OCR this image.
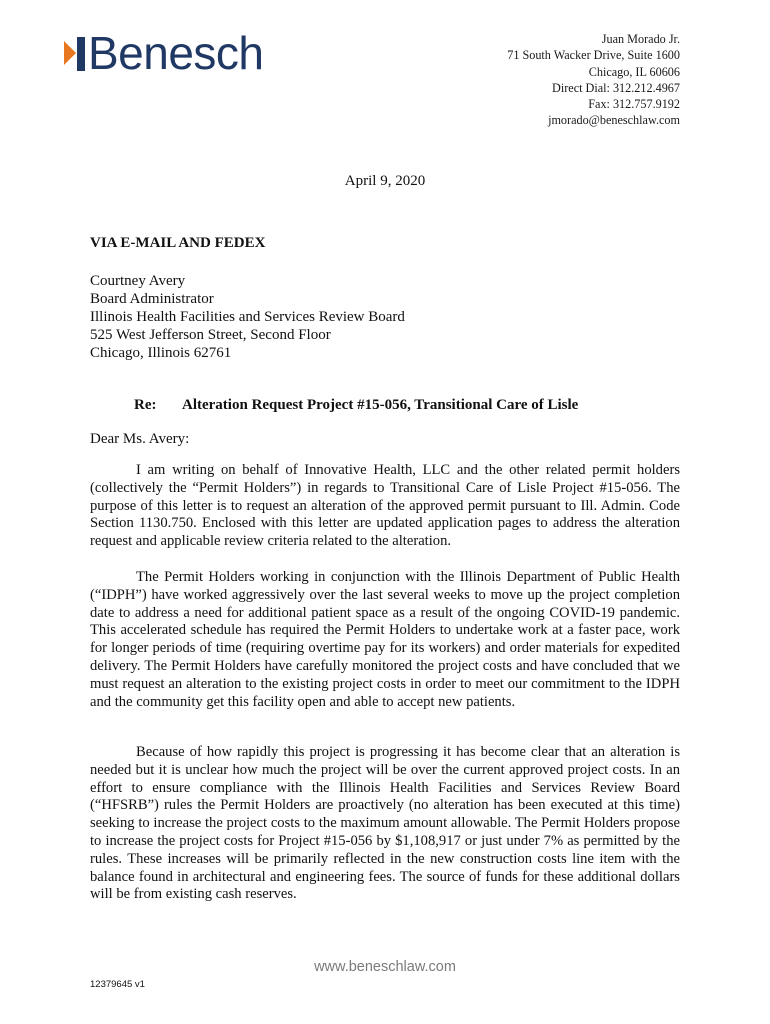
Benesch	Juan Morado Jr.
71 South Wacker Drive, Suite 1600
Chicago, IL 60606
Direct Dial: 312.212.4967
Fax: 312.757.9192
jmorado@beneschlaw.com
April 9, 2020
VIA E-MAIL AND FEDEX
Courtney Avery
Board Administrator
Illinois Health Facilities and Services Review Board
525 West Jefferson Street, Second Floor
Chicago, Illinois 62761
Re:	Alteration Request Project #15-056, Transitional Care of Lisle
Dear Ms. Avery:

I am writing on behalf of Innovative Health, LLC and the other related permit holders (collectively the “Permit Holders”) in regards to Transitional Care of Lisle Project #15-056. The purpose of this letter is to request an alteration of the approved permit pursuant to Ill. Admin. Code Section 1130.750. Enclosed with this letter are updated application pages to address the alteration request and applicable review criteria related to the alteration.

The Permit Holders working in conjunction with the Illinois Department of Public Health (“IDPH”) have worked aggressively over the last several weeks to move up the project completion date to address a need for additional patient space as a result of the ongoing COVID-19 pandemic. This accelerated schedule has required the Permit Holders to undertake work at a faster pace, work for longer periods of time (requiring overtime pay for its workers) and order materials for expedited delivery. The Permit Holders have carefully monitored the project costs and have concluded that we must request an alteration to the existing project costs in order to meet our commitment to the IDPH and the community get this facility open and able to accept new patients.

Because of how rapidly this project is progressing it has become clear that an alteration is needed but it is unclear how much the project will be over the current approved project costs. In an effort to ensure compliance with the Illinois Health Facilities and Services Review Board (“HFSRB”) rules the Permit Holders are proactively (no alteration has been executed at this time) seeking to increase the project costs to the maximum amount allowable. The Permit Holders propose to increase the project costs for Project #15-056 by $1,108,917 or just under 7% as permitted by the rules. These increases will be primarily reflected in the new construction costs line item with the balance found in architectural and engineering fees. The source of funds for these additional dollars will be from existing cash reserves.

www.beneschlaw.com
12379645 v1
